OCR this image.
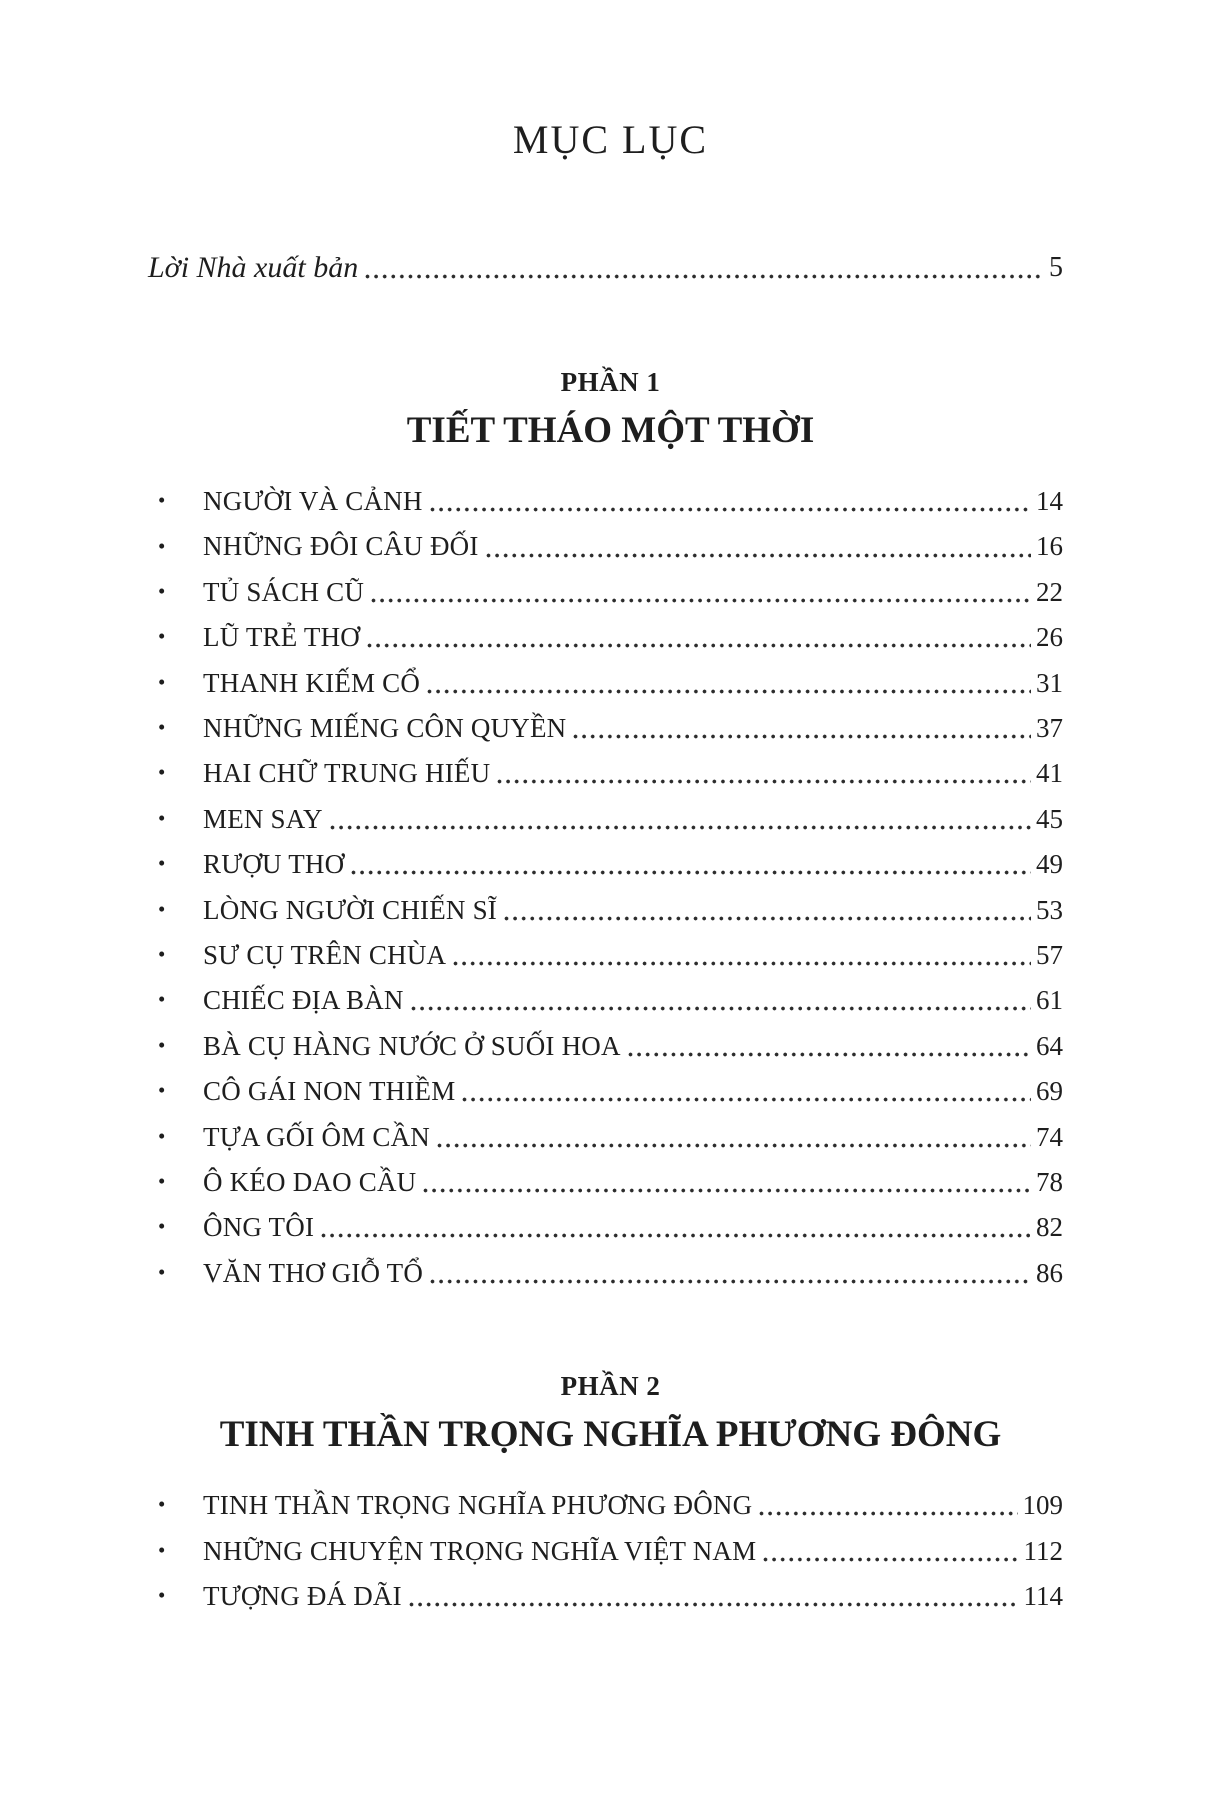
MỤC LỤC
Lời Nhà xuất bản	5
PHẦN 1
TIẾT THÁO MỘT THỜI
•	NGƯỜI VÀ CẢNH	14
•	NHỮNG ĐÔI CÂU ĐỐI	16
•	TỦ SÁCH CŨ	22
•	LŨ TRẺ THƠ	26
•	THANH KIẾM CỔ	31
•	NHỮNG MIẾNG CÔN QUYỀN	37
•	HAI CHỮ TRUNG HIẾU	41
•	MEN SAY	45
•	RƯỢU THƠ	49
•	LÒNG NGƯỜI CHIẾN SĨ	53
•	SƯ CỤ TRÊN CHÙA	57
•	CHIẾC ĐỊA BÀN	61
•	BÀ CỤ HÀNG NƯỚC Ở SUỐI HOA	64
•	CÔ GÁI NON THIỀM	69
•	TỰA GỐI ÔM CẦN	74
•	Ô KÉO DAO CẦU	78
•	ÔNG TÔI	82
•	VĂN THƠ GIỖ TỔ	86
PHẦN 2
TINH THẦN TRỌNG NGHĨA PHƯƠNG ĐÔNG
•	TINH THẦN TRỌNG NGHĨA PHƯƠNG ĐÔNG	109
•	NHỮNG CHUYỆN TRỌNG NGHĨA VIỆT NAM	112
•	TƯỢNG ĐÁ DÃI	114
